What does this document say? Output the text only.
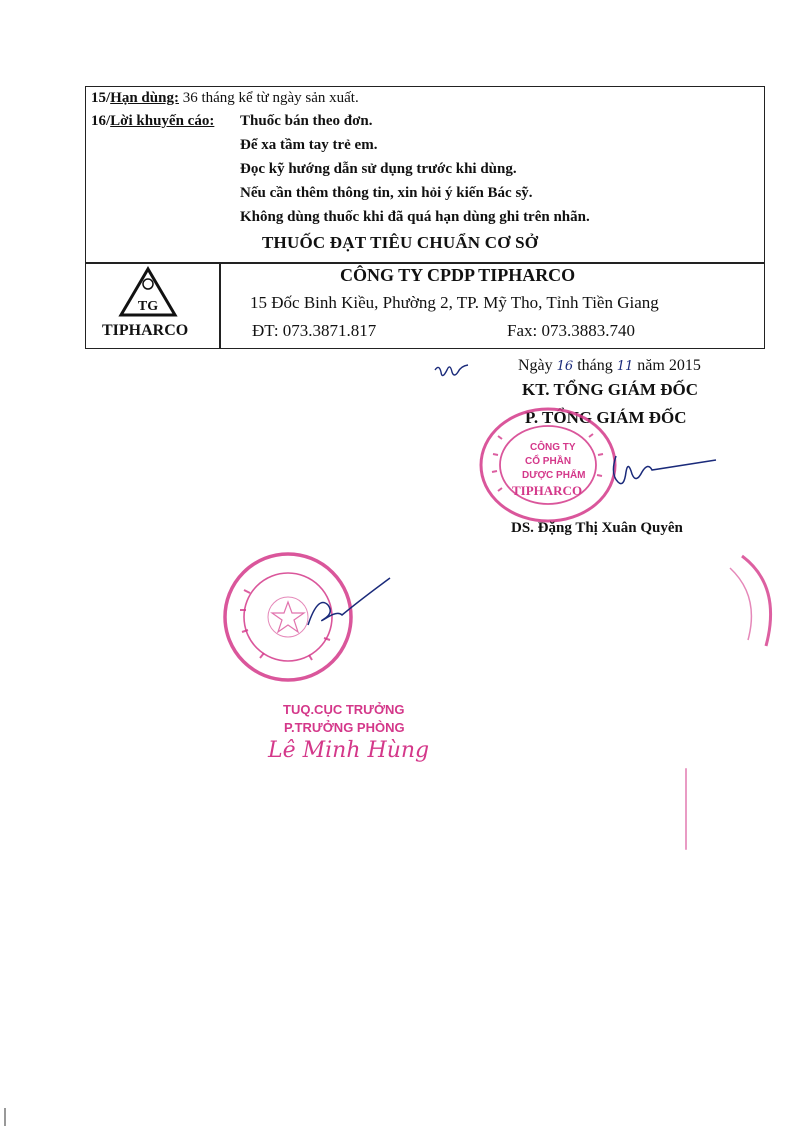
15/Hạn dùng: 36 tháng kể từ ngày sản xuất.
16/Lời khuyến cáo: Thuốc bán theo đơn.
Để xa tầm tay trẻ em.
Đọc kỹ hướng dẫn sử dụng trước khi dùng.
Nếu cần thêm thông tin, xin hỏi ý kiến Bác sỹ.
Không dùng thuốc khi đã quá hạn dùng ghi trên nhãn.
THUỐC ĐẠT TIÊU CHUẨN CƠ SỞ
TG
TIPHARCO
CÔNG TY CPDP TIPHARCO
15 Đốc Binh Kiều, Phường 2, TP. Mỹ Tho, Tỉnh Tiền Giang
ĐT: 073.3871.817	Fax: 073.3883.740
Ngày 16 tháng 11 năm 2015
KT. TỔNG GIÁM ĐỐC
P. TỔNG GIÁM ĐỐC
CÔNG TY
CỔ PHẦN
DƯỢC PHẨM
TIPHARCO
DS. Đặng Thị Xuân Quyên
TUQ.CỤC TRƯỞNG
P.TRƯỞNG PHÒNG
Lê Minh Hùng
